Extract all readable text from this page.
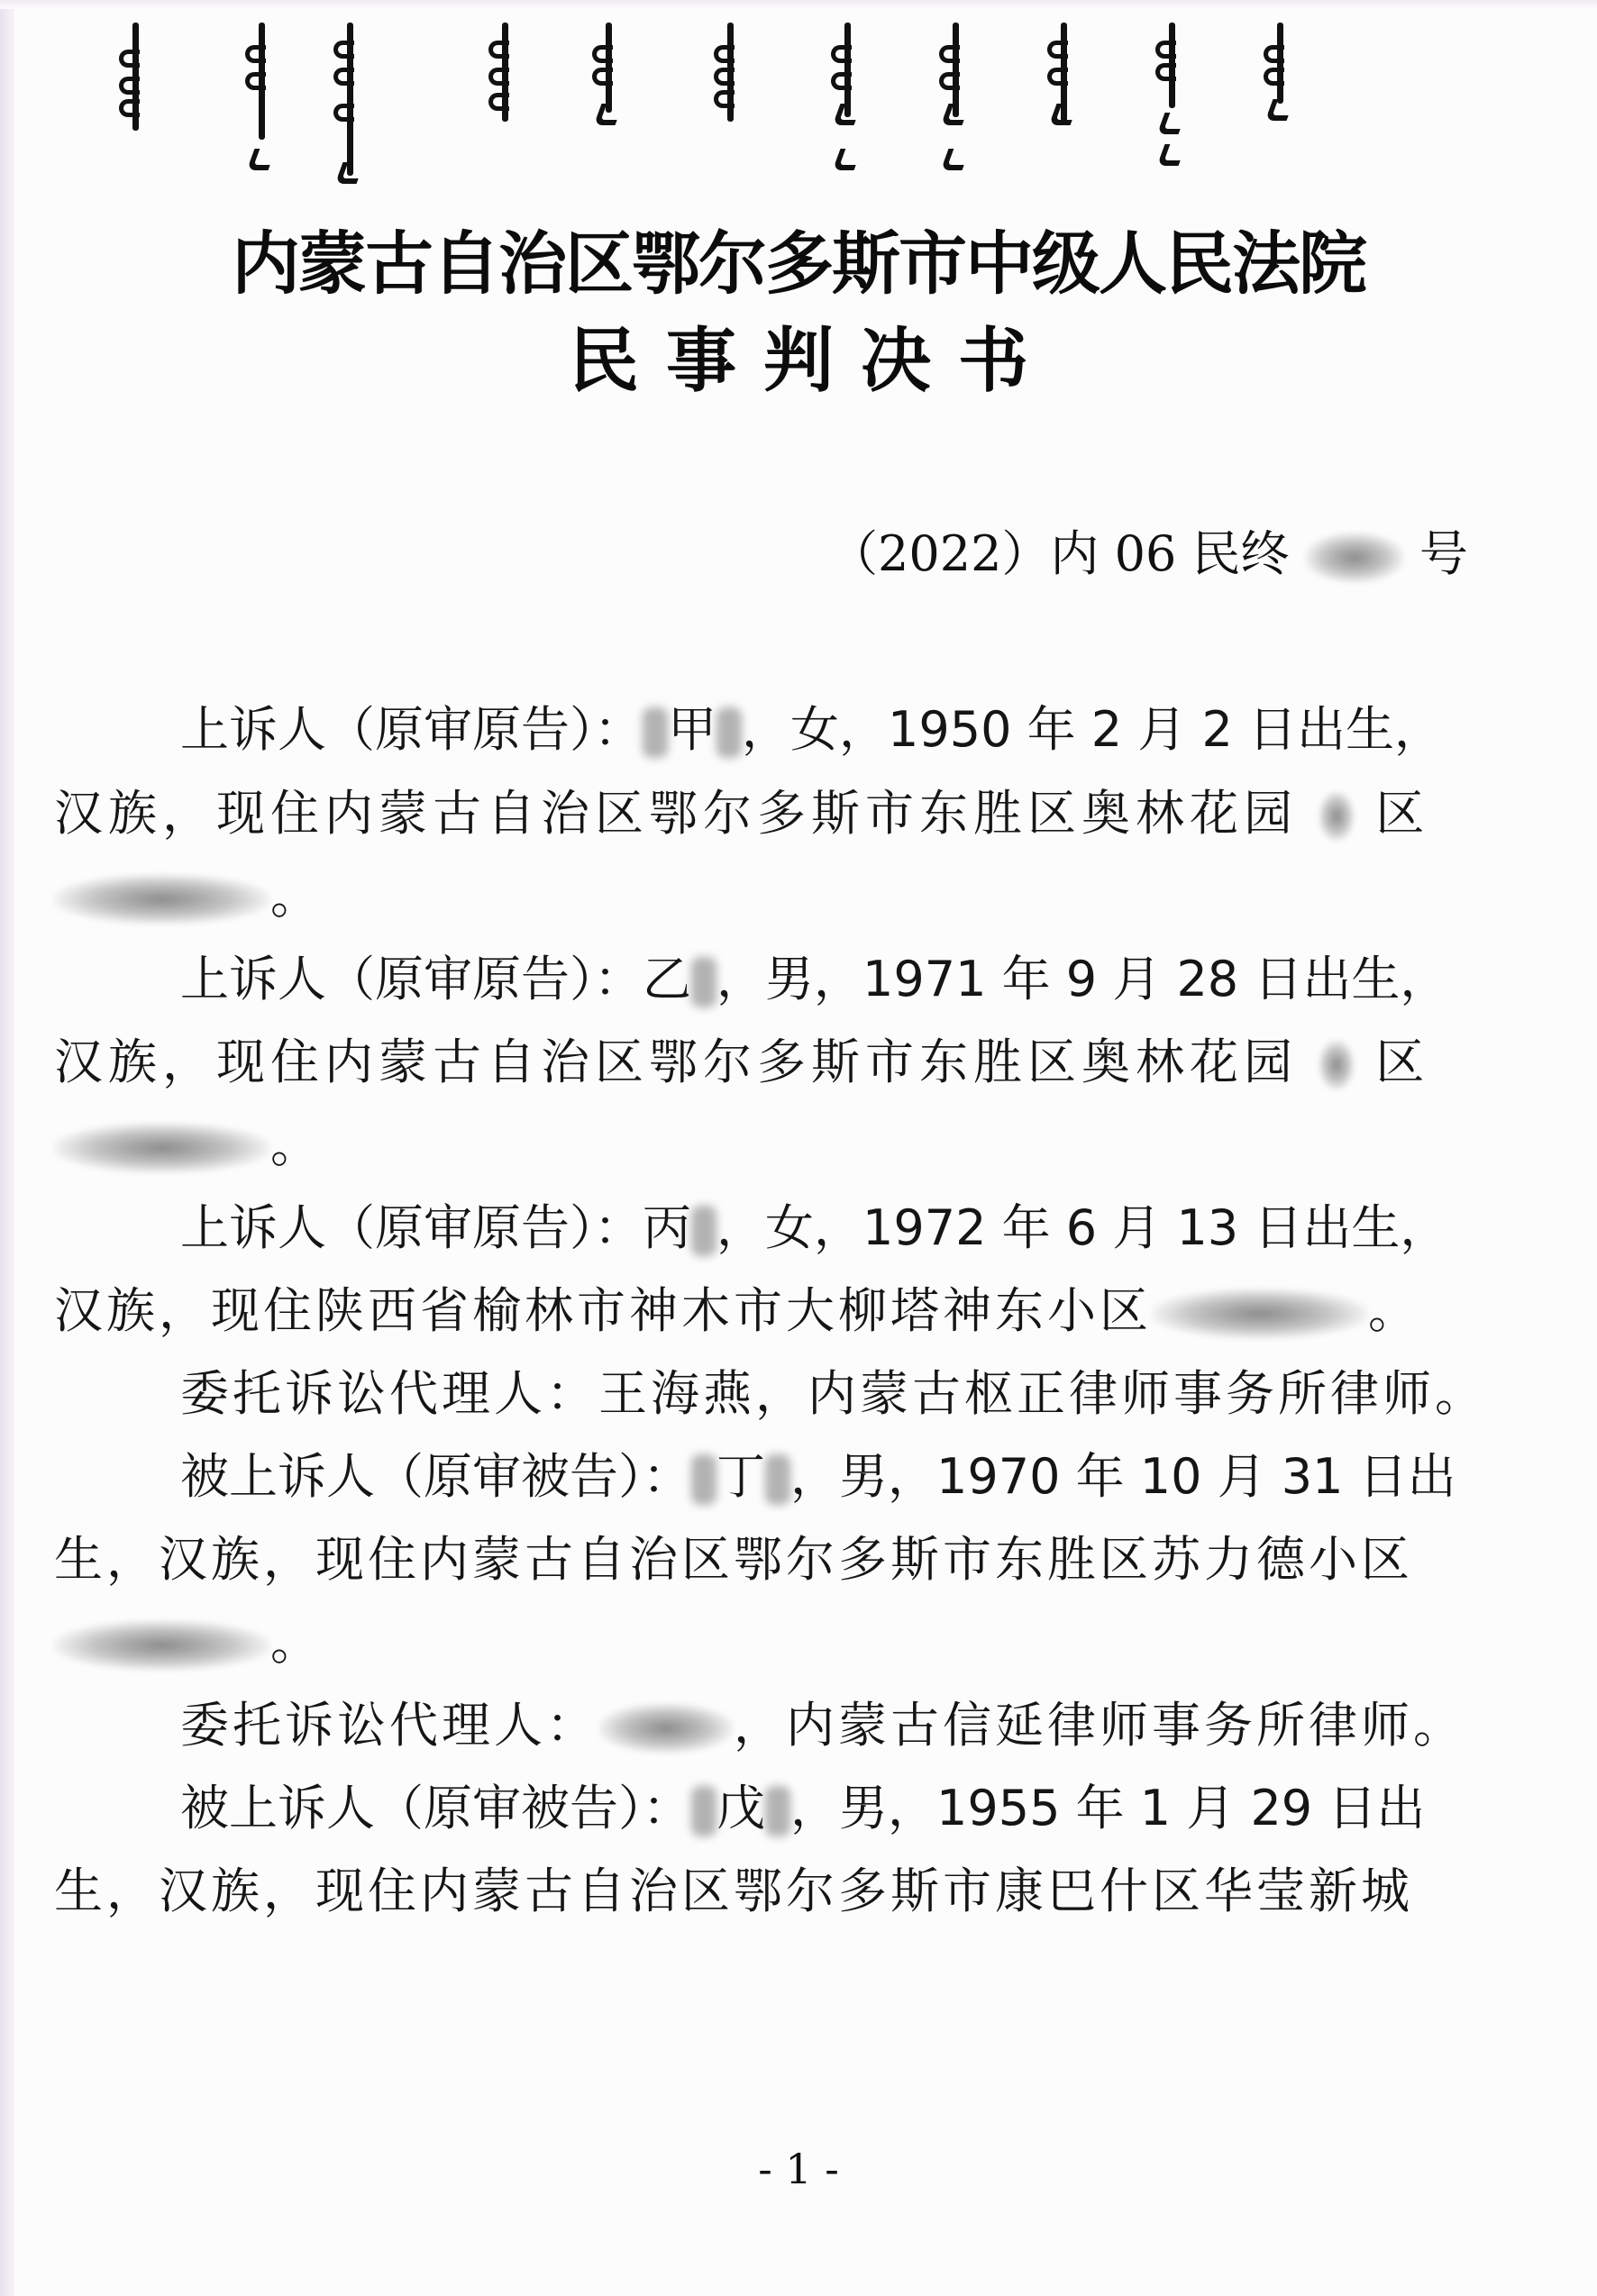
内蒙古自治区鄂尔多斯市中级人民法院
民事判决书
（2022）内 06 民终	号
上诉人（原审原告）： 甲 ，女，1950 年 2 月 2 日出生，
汉族，现住内蒙古自治区鄂尔多斯市东胜区奥林花园 区
。
上诉人（原审原告）：乙 ，男，1971 年 9 月 28 日出生，
汉族，现住内蒙古自治区鄂尔多斯市东胜区奥林花园 区
。
上诉人（原审原告）：丙 ，女，1972 年 6 月 13 日出生，
汉族，现住陕西省榆林市神木市大柳塔神东小区	。
委托诉讼代理人：王海燕，内蒙古枢正律师事务所律师。
被上诉人（原审被告）： 丁 ，男，1970 年 10 月 31 日出
生，汉族，现住内蒙古自治区鄂尔多斯市东胜区苏力德小区
。
委托诉讼代理人：	，内蒙古信延律师事务所律师。
被上诉人（原审被告）： 戊 ，男，1955 年 1 月 29 日出
生，汉族，现住内蒙古自治区鄂尔多斯市康巴什区华莹新城
- 1 -
